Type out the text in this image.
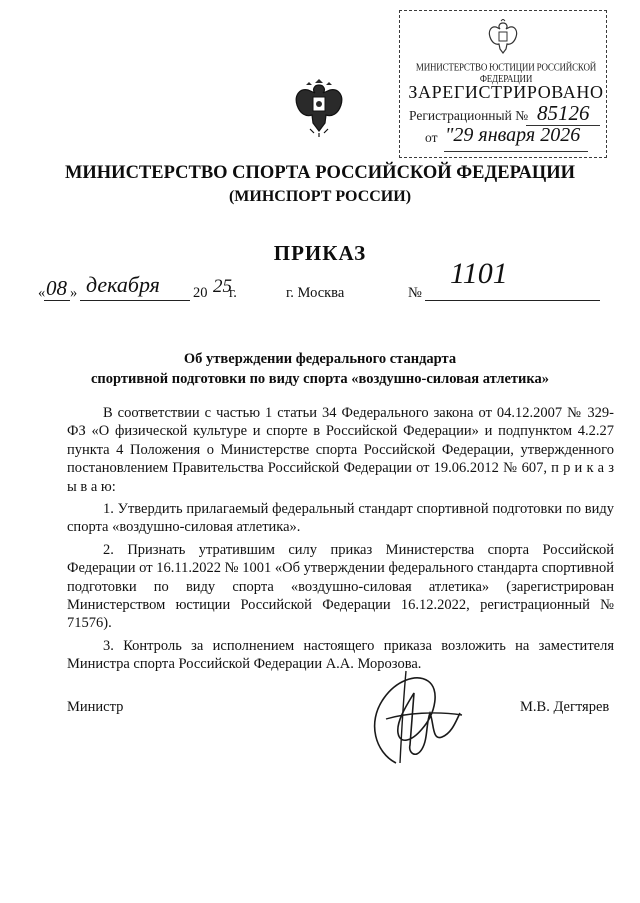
МИНИСТЕРСТВО ЮСТИЦИИ РОССИЙСКОЙ ФЕДЕРАЦИИ
ЗАРЕГИСТРИРОВАНО
Регистрационный № 85126
от "29 января 2026
МИНИСТЕРСТВО СПОРТА РОССИЙСКОЙ ФЕДЕРАЦИИ
(МИНСПОРТ РОССИИ)
ПРИКАЗ
« 08 » декабря 20 25
г.	г. Москва	№
1101
Об утверждении федерального стандарта
спортивной подготовки по виду спорта «воздушно-силовая атлетика»

В соответствии с частью 1 статьи 34 Федерального закона от 04.12.2007 № 329-ФЗ «О физической культуре и спорте в Российской Федерации» и подпунктом 4.2.27 пункта 4 Положения о Министерстве спорта Российской Федерации, утвержденного постановлением Правительства Российской Федерации от 19.06.2012 № 607, п р и к а з ы в а ю:

1. Утвердить прилагаемый федеральный стандарт спортивной подготовки по виду спорта «воздушно-силовая атлетика».

2. Признать утратившим силу приказ Министерства спорта Российской Федерации от 16.11.2022 № 1001 «Об утверждении федерального стандарта спортивной подготовки по виду спорта «воздушно-силовая атлетика» (зарегистрирован Министерством юстиции Российской Федерации 16.12.2022, регистрационный № 71576).

3. Контроль за исполнением настоящего приказа возложить на заместителя Министра спорта Российской Федерации А.А. Морозова.

Министр	М.В. Дегтярев
